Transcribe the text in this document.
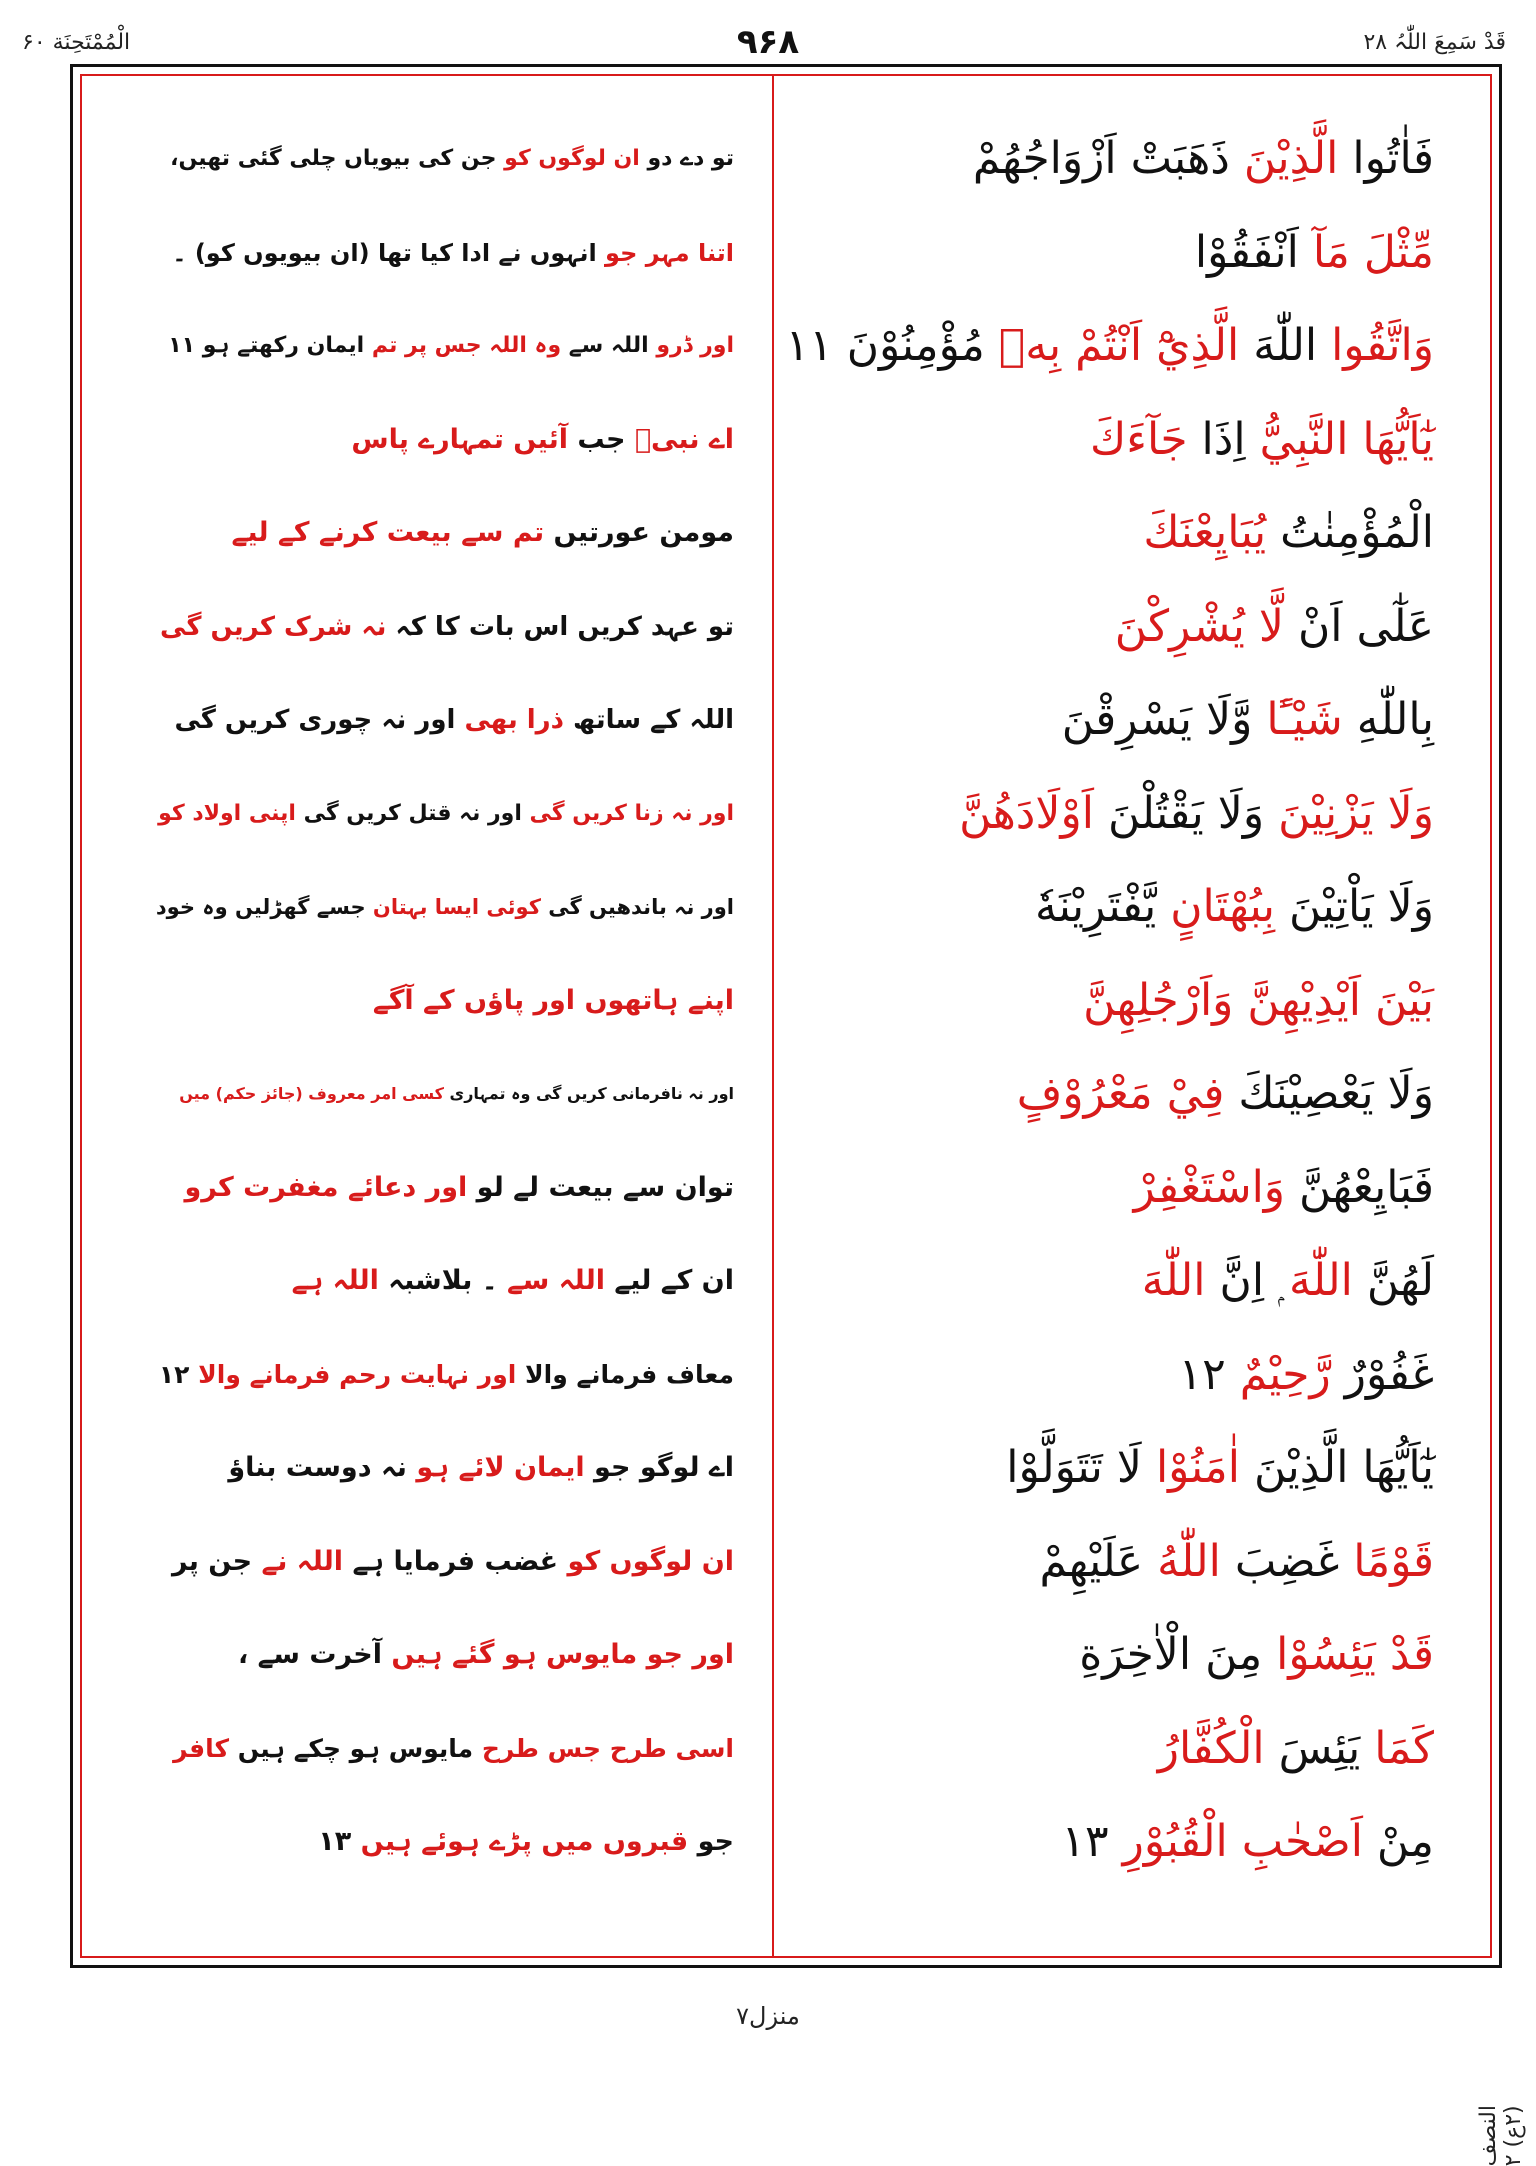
قَدْ سَمِعَ اللّٰہُ ۲۸
۹۶۸
الْمُمْتَحِنَة ۶۰
فَاٰتُوا الَّذِيْنَ ذَهَبَتْ اَزْوَاجُهُمْ
مِّثْلَ مَآ اَنْفَقُوْا
وَاتَّقُوا اللّٰهَ الَّذِيْٓ اَنْتُمْ بِهٖ مُؤْمِنُوْنَ ۱۱
يٰٓاَيُّهَا النَّبِيُّ اِذَا جَآءَكَ
الْمُؤْمِنٰتُ يُبَايِعْنَكَ
عَلٰٓى اَنْ لَّا يُشْرِكْنَ
بِاللّٰهِ شَيْـًٔا وَّلَا يَسْرِقْنَ
وَلَا يَزْنِيْنَ وَلَا يَقْتُلْنَ اَوْلَادَهُنَّ
وَلَا يَاْتِيْنَ بِبُهْتَانٍ يَّفْتَرِيْنَهٗ
بَيْنَ اَيْدِيْهِنَّ وَاَرْجُلِهِنَّ
وَلَا يَعْصِيْنَكَ فِيْ مَعْرُوْفٍ
فَبَايِعْهُنَّ وَاسْتَغْفِرْ
لَهُنَّ اللّٰهَ ۭ اِنَّ اللّٰهَ
غَفُوْرٌ رَّحِيْمٌ ۱۲
يٰٓاَيُّهَا الَّذِيْنَ اٰمَنُوْا لَا تَتَوَلَّوْا
قَوْمًا غَضِبَ اللّٰهُ عَلَيْهِمْ
قَدْ يَئِسُوْا مِنَ الْاٰخِرَةِ
كَمَا يَئِسَ الْكُفَّارُ
مِنْ اَصْحٰبِ الْقُبُوْرِ ۱۳
تو دے دو ان لوگوں کو جن کی بیویاں چلی گئی تھیں،
اتنا مہر جو انہوں نے ادا کیا تھا (ان بیویوں کو) ۔
اور ڈرو اللہ سے وہ اللہ جس پر تم ایمان رکھتے ہو ۱۱
اے نبیؐ جب آئیں تمہارے پاس
مومن عورتیں تم سے بیعت کرنے کے لیے
تو عہد کریں اس بات کا کہ نہ شرک کریں گی
اللہ کے ساتھ ذرا بھی اور نہ چوری کریں گی
اور نہ زنا کریں گی اور نہ قتل کریں گی اپنی اولاد کو
اور نہ باندھیں گی کوئی ایسا بہتان جسے گھڑلیں وہ خود
اپنے ہاتھوں اور پاؤں کے آگے
اور نہ نافرمانی کریں گی وہ تمہاری کسی امر معروف (جائز حکم) میں
توان سے بیعت لے لو اور دعائے مغفرت کرو
ان کے لیے اللہ سے ۔ بلاشبہ اللہ ہے
معاف فرمانے والا اور نہایت رحم فرمانے والا ۱۲
اے لوگو جو ایمان لائے ہو نہ دوست بناؤ
ان لوگوں کو غضب فرمایا ہے اللہ نے جن پر
اور جو مایوس ہو گئے ہیں آخرت سے ،
اسی طرح جس طرح مایوس ہو چکے ہیں کافر
جو قبروں میں پڑے ہوئے ہیں ۱۳
النصف (۲ع) ۲
منزل۷
